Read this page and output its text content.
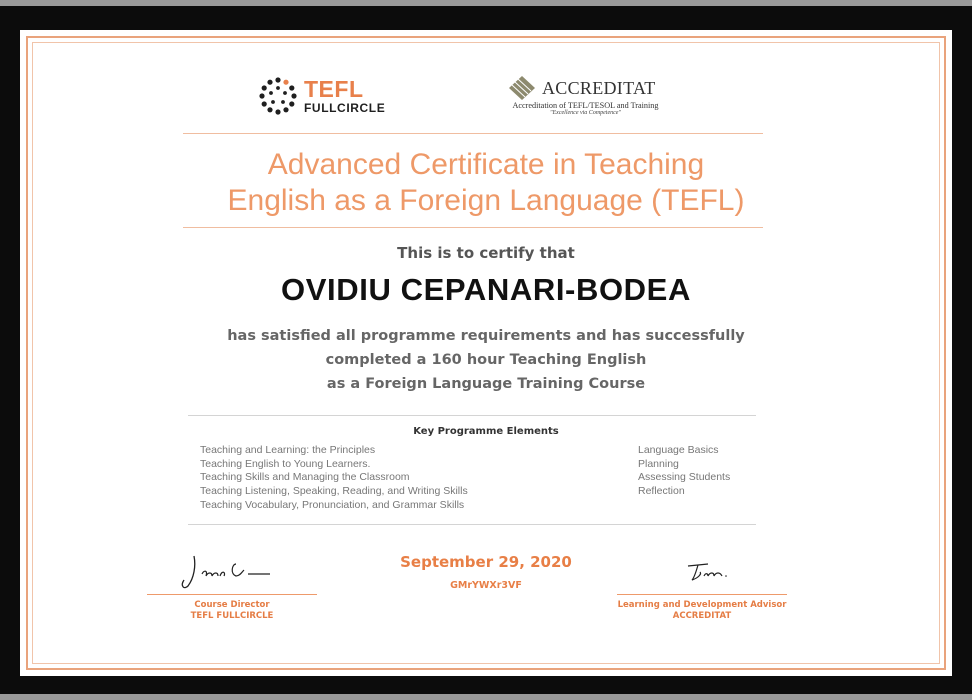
TEFL
FULLCIRCLE
ACCREDITAT
Accreditation of TEFL/TESOL and Training
"Excellence via Competence"
Advanced Certificate in Teaching
English as a Foreign Language (TEFL)
This is to certify that
OVIDIU CEPANARI-BODEA
has satisfied all programme requirements and has successfully
completed a 160 hour Teaching English
as a Foreign Language Training Course
Key Programme Elements
Teaching and Learning: the Principles
Teaching English to Young Learners.
Teaching Skills and Managing the Classroom
Teaching Listening, Speaking, Reading, and Writing Skills
Teaching Vocabulary, Pronunciation, and Grammar Skills
Language Basics
Planning
Assessing Students
Reflection
Course Director
TEFL FULLCIRCLE
September 29, 2020
GMrYWXr3VF
Learning and Development Advisor
ACCREDITAT
